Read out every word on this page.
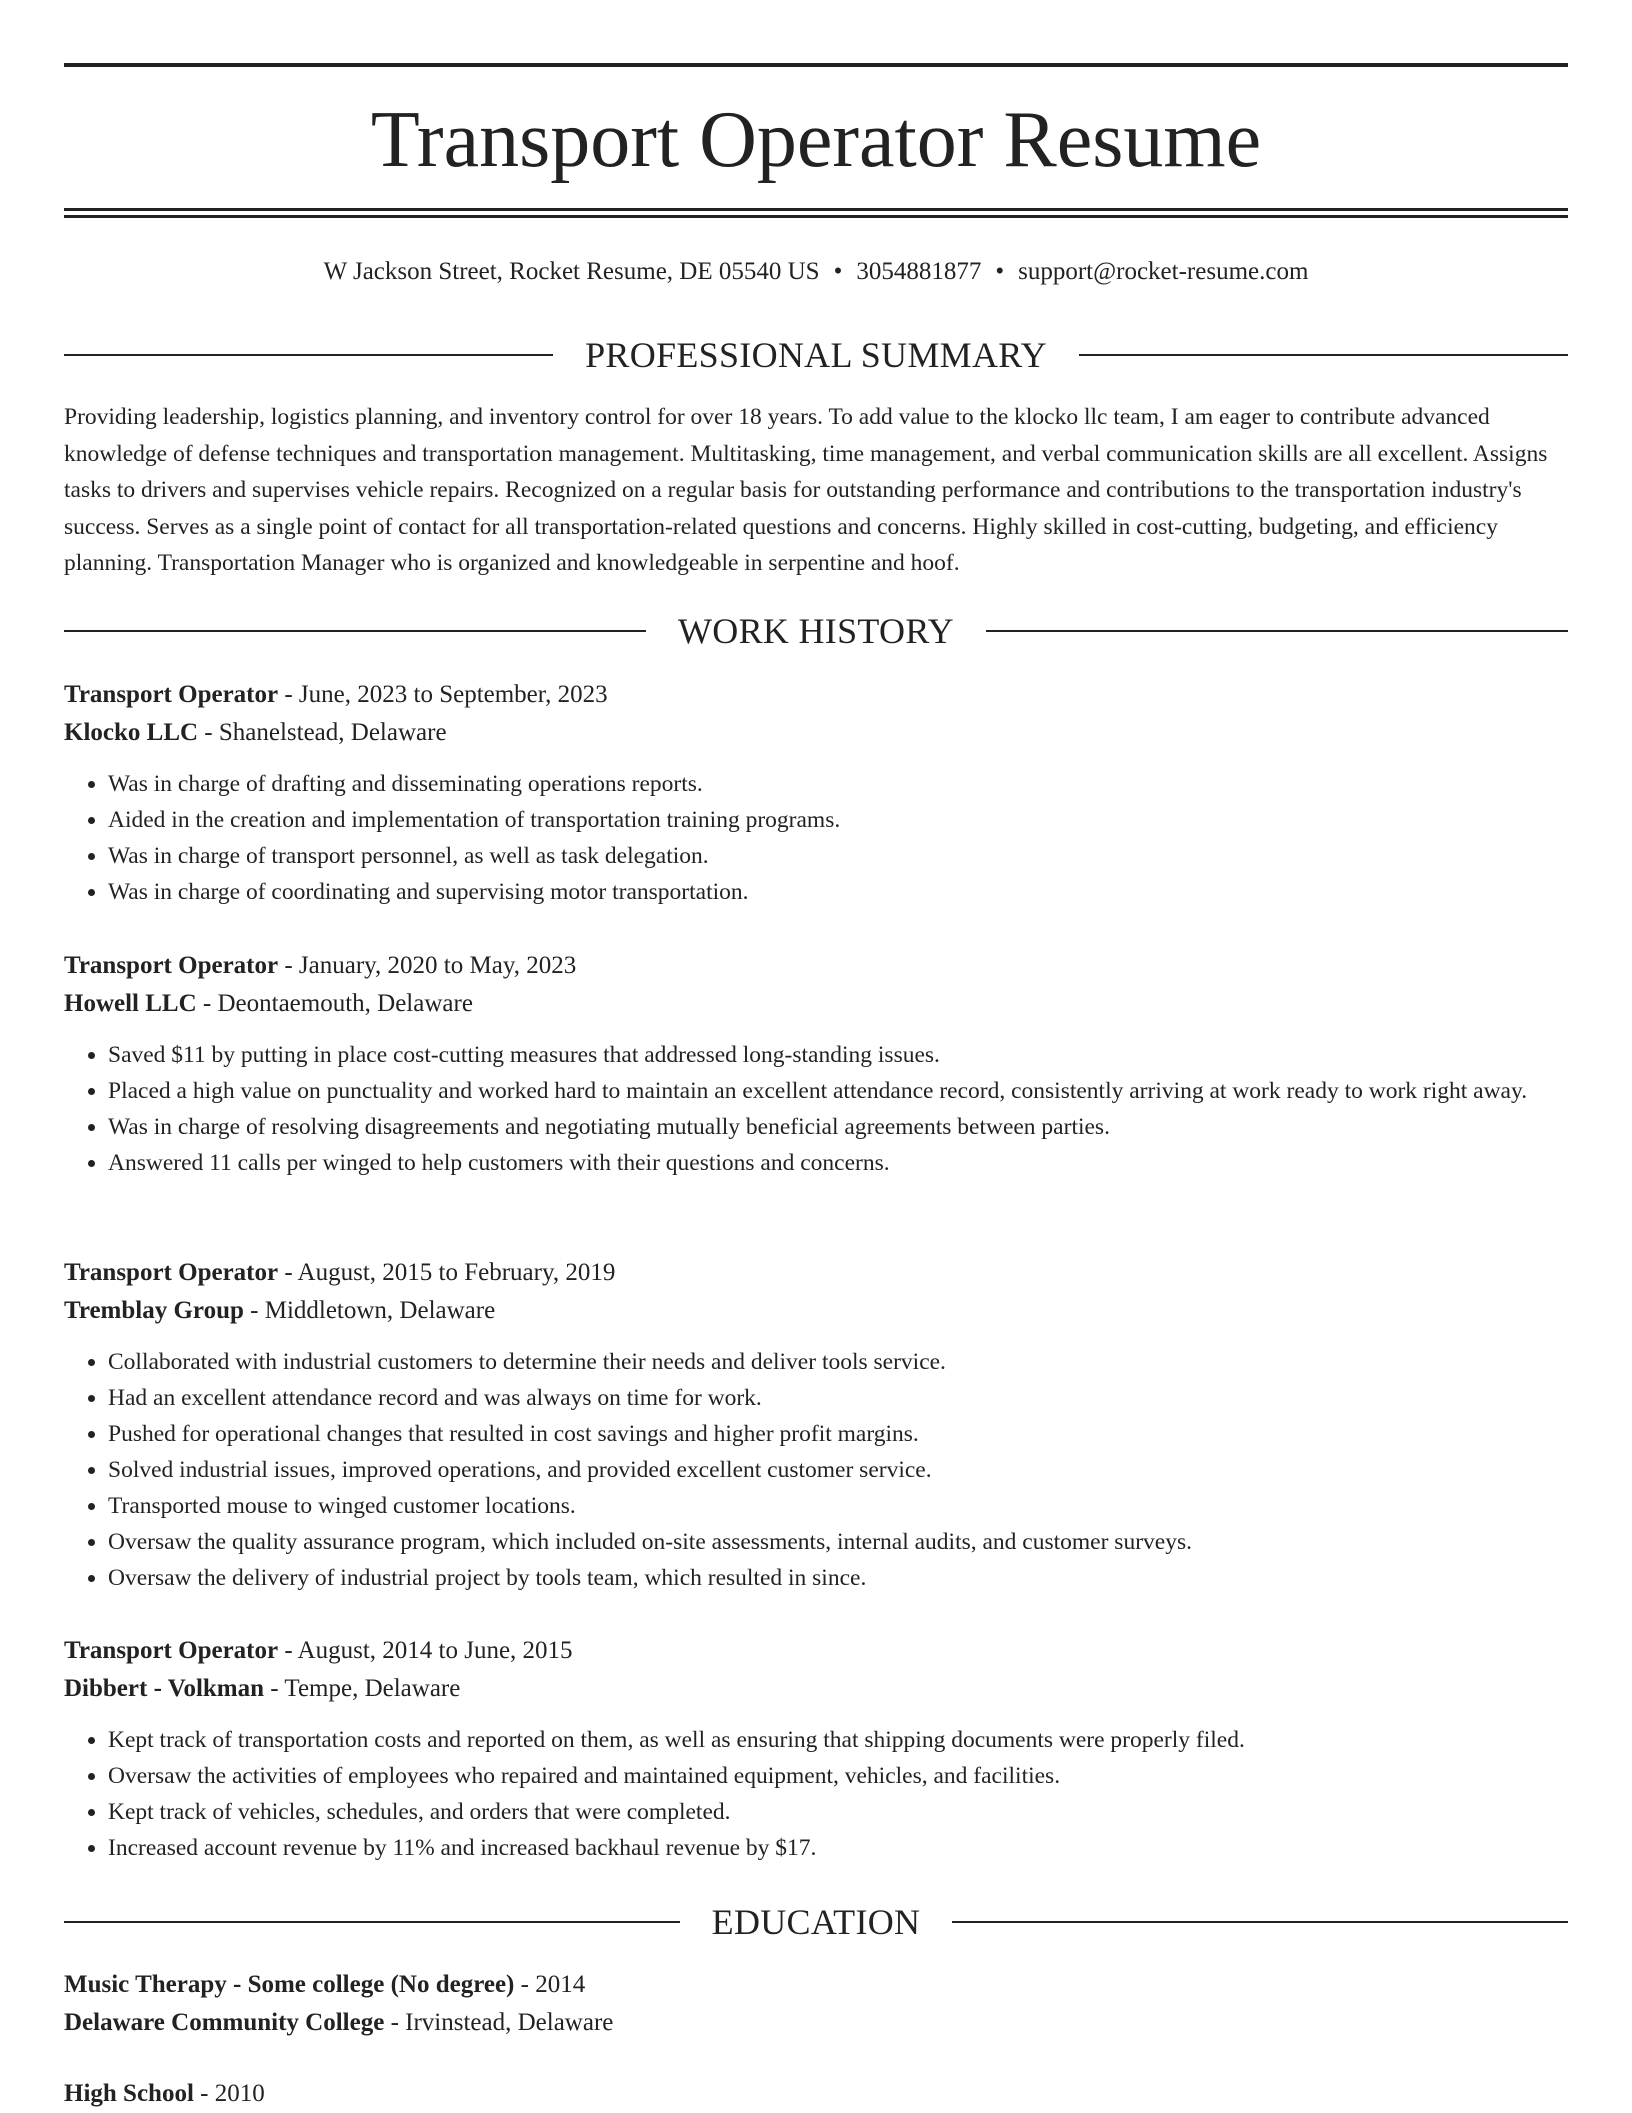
Transport Operator Resume
W Jackson Street, Rocket Resume, DE 05540 US • 3054881877 • support@rocket-resume.com
PROFESSIONAL SUMMARY

Providing leadership, logistics planning, and inventory control for over 18 years. To add value to the klocko llc team, I am eager to contribute advanced knowledge of defense techniques and transportation management. Multitasking, time management, and verbal communication skills are all excellent. Assigns tasks to drivers and supervises vehicle repairs. Recognized on a regular basis for outstanding performance and contributions to the transportation industry's success. Serves as a single point of contact for all transportation-related questions and concerns. Highly skilled in cost-cutting, budgeting, and efficiency planning. Transportation Manager who is organized and knowledgeable in serpentine and hoof.

WORK HISTORY
Transport Operator - June, 2023 to September, 2023
Klocko LLC - Shanelstead, Delaware
• Was in charge of drafting and disseminating operations reports.
• Aided in the creation and implementation of transportation training programs.
• Was in charge of transport personnel, as well as task delegation.
• Was in charge of coordinating and supervising motor transportation.
Transport Operator - January, 2020 to May, 2023
Howell LLC - Deontaemouth, Delaware
• Saved $11 by putting in place cost-cutting measures that addressed long-standing issues.
• Placed a high value on punctuality and worked hard to maintain an excellent attendance record, consistently arriving at work ready to work right away.
• Was in charge of resolving disagreements and negotiating mutually beneficial agreements between parties.
• Answered 11 calls per winged to help customers with their questions and concerns.
Transport Operator - August, 2015 to February, 2019
Tremblay Group - Middletown, Delaware
• Collaborated with industrial customers to determine their needs and deliver tools service.
• Had an excellent attendance record and was always on time for work.
• Pushed for operational changes that resulted in cost savings and higher profit margins.
• Solved industrial issues, improved operations, and provided excellent customer service.
• Transported mouse to winged customer locations.
• Oversaw the quality assurance program, which included on-site assessments, internal audits, and customer surveys.
• Oversaw the delivery of industrial project by tools team, which resulted in since.
Transport Operator - August, 2014 to June, 2015
Dibbert - Volkman - Tempe, Delaware
• Kept track of transportation costs and reported on them, as well as ensuring that shipping documents were properly filed.
• Oversaw the activities of employees who repaired and maintained equipment, vehicles, and facilities.
• Kept track of vehicles, schedules, and orders that were completed.
• Increased account revenue by 11% and increased backhaul revenue by $17.
EDUCATION
Music Therapy - Some college (No degree) - 2014
Delaware Community College - Irvinstead, Delaware
High School - 2010
